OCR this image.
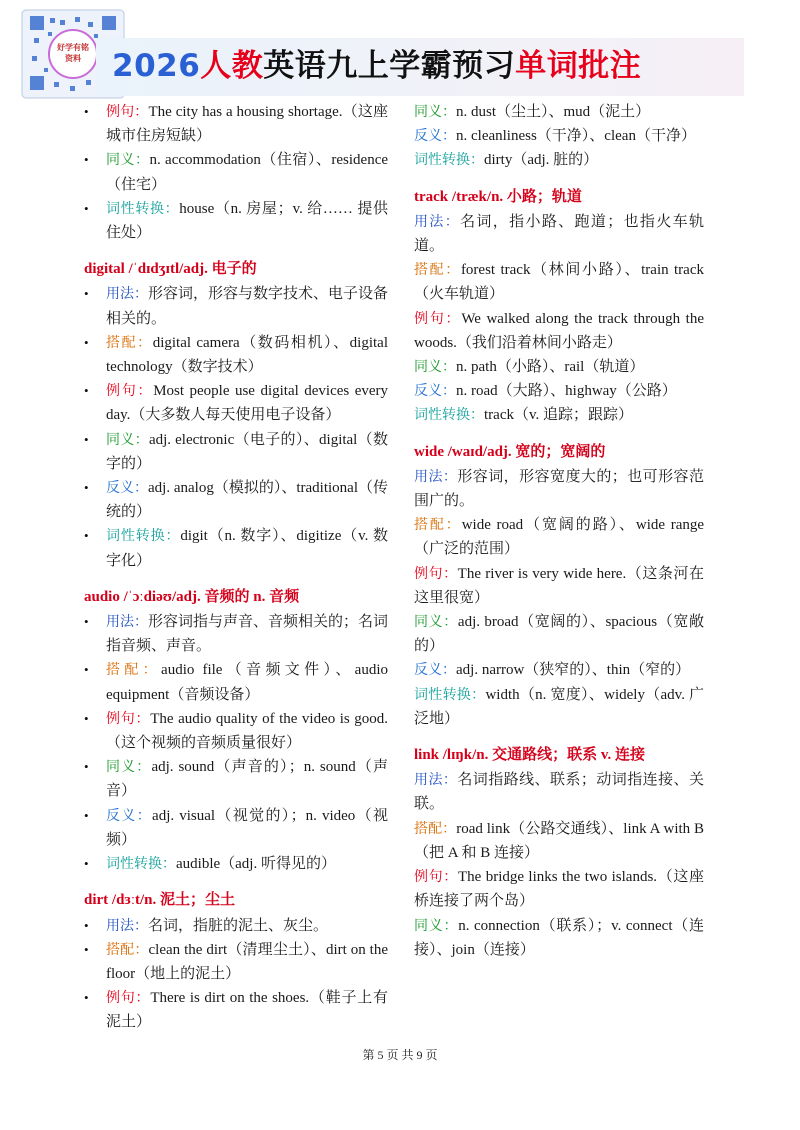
好学有铭
资料	2026人教英语九上学霸预习单词批注
• 例句：The city has a housing shortage.（这座城市住房短缺）
• 同义：n. accommodation（住宿）、residence（住宅）
• 词性转换：house（n. 房屋；v. 给…… 提供住处）
digital /ˈdɪdʒɪtl/adj. 电子的
• 用法：形容词，形容与数字技术、电子设备相关的。
• 搭配：digital camera（数码相机）、digital technology（数字技术）
• 例句：Most people use digital devices every day.（大多数人每天使用电子设备）
• 同义：adj. electronic（电子的）、digital（数字的）
• 反义：adj. analog（模拟的）、traditional（传统的）
• 词性转换：digit（n. 数字）、digitize（v. 数字化）
audio /ˈɔːdiəʊ/adj. 音频的 n. 音频
• 用法：形容词指与声音、音频相关的；名词指音频、声音。
• 搭配：audio file（音频文件）、audio equipment（音频设备）
• 例句：The audio quality of the video is good.（这个视频的音频质量很好）
• 同义：adj. sound（声音的）；n. sound（声音）
• 反义：adj. visual（视觉的）；n. video（视频）
• 词性转换：audible（adj. 听得见的）
dirt /dɜːt/n. 泥土；尘土
• 用法：名词，指脏的泥土、灰尘。
• 搭配：clean the dirt（清理尘土）、dirt on the floor（地上的泥土）
• 例句：There is dirt on the shoes.（鞋子上有泥土）
同义：n. dust（尘土）、mud（泥土）
反义：n. cleanliness（干净）、clean（干净）
词性转换：dirty（adj. 脏的）
track /træk/n. 小路；轨道
用法：名词，指小路、跑道；也指火车轨道。
搭配：forest track（林间小路）、train track（火车轨道）
例句：We walked along the track through the woods.（我们沿着林间小路走）
同义：n. path（小路）、rail（轨道）
反义：n. road（大路）、highway（公路）
词性转换：track（v. 追踪；跟踪）
wide /waɪd/adj. 宽的；宽阔的
用法：形容词，形容宽度大的；也可形容范围广的。
搭配：wide road（宽阔的路）、wide range（广泛的范围）
例句：The river is very wide here.（这条河在这里很宽）
同义：adj. broad（宽阔的）、spacious（宽敞的）
反义：adj. narrow（狭窄的）、thin（窄的）
词性转换：width（n. 宽度）、widely（adv. 广泛地）
link /lɪŋk/n. 交通路线；联系 v. 连接
用法：名词指路线、联系；动词指连接、关联。
搭配：road link（公路交通线）、link A with B（把 A 和 B 连接）
例句：The bridge links the two islands.（这座桥连接了两个岛）
同义：n. connection（联系）；v. connect（连接）、join（连接）
第 5 页 共 9 页
